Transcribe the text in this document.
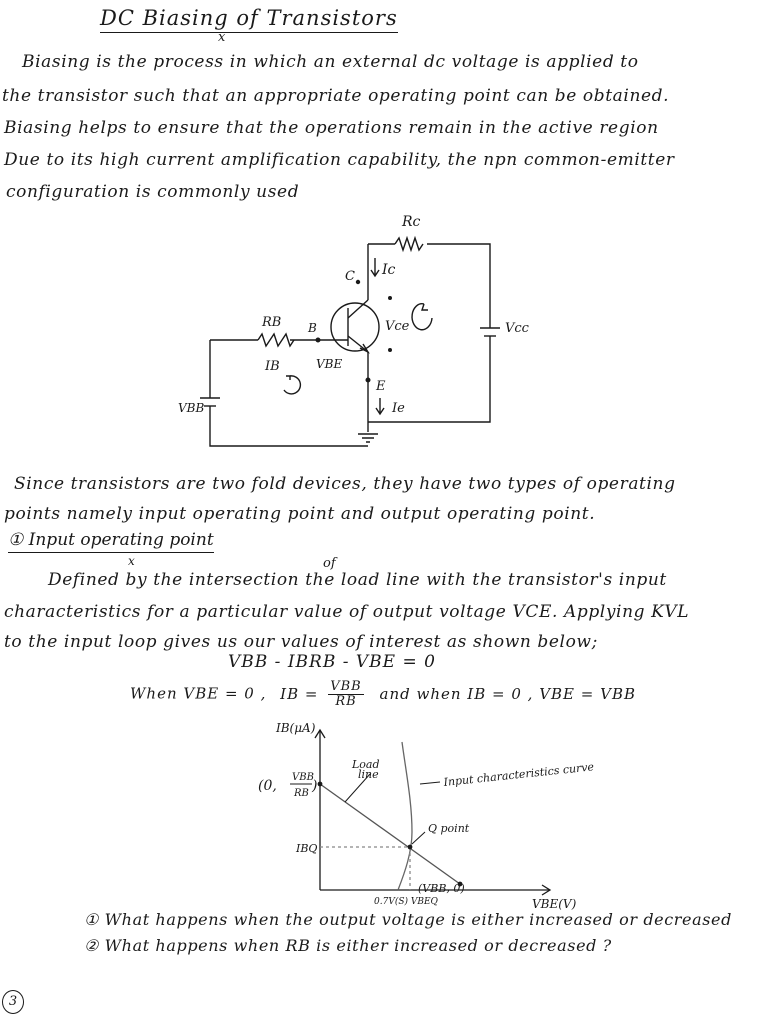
DC Biasing of Transistors
x
Biasing is the process in which an external dc voltage is applied to
the transistor such that an appropriate operating point can be obtained.
Biasing helps to ensure that the operations remain in the active region
Due to its high current amplification capability, the npn common-emitter
configuration is commonly used
Rc
C Ic
RB B	Vce	Vcc
IB	VBE
E
Ie
VBB
Since transistors are two fold devices, they have two types of operating
points namely input operating point and output operating point.
① Input operating point
x	of
Defined by the intersection the load line with the transistor's input
characteristics for a particular value of output voltage VCE. Applying KVL
to the input loop gives us our values of interest as shown below;
VBB - IBRB - VBE = 0
When VBE = 0 , IB = $\frac{\text{VBB}}{RB}$ and when IB = 0 , VBE = VBB
IB(μA)
VBE(V)
(0,
VBB
RB )
Load
line	Input characteristics curve
Q point
IBQ
0.7V(S) VBEQ
(VBB, 0)
① What happens when the output voltage is either increased or decreased
② What happens when RB is either increased or decreased ?
3
